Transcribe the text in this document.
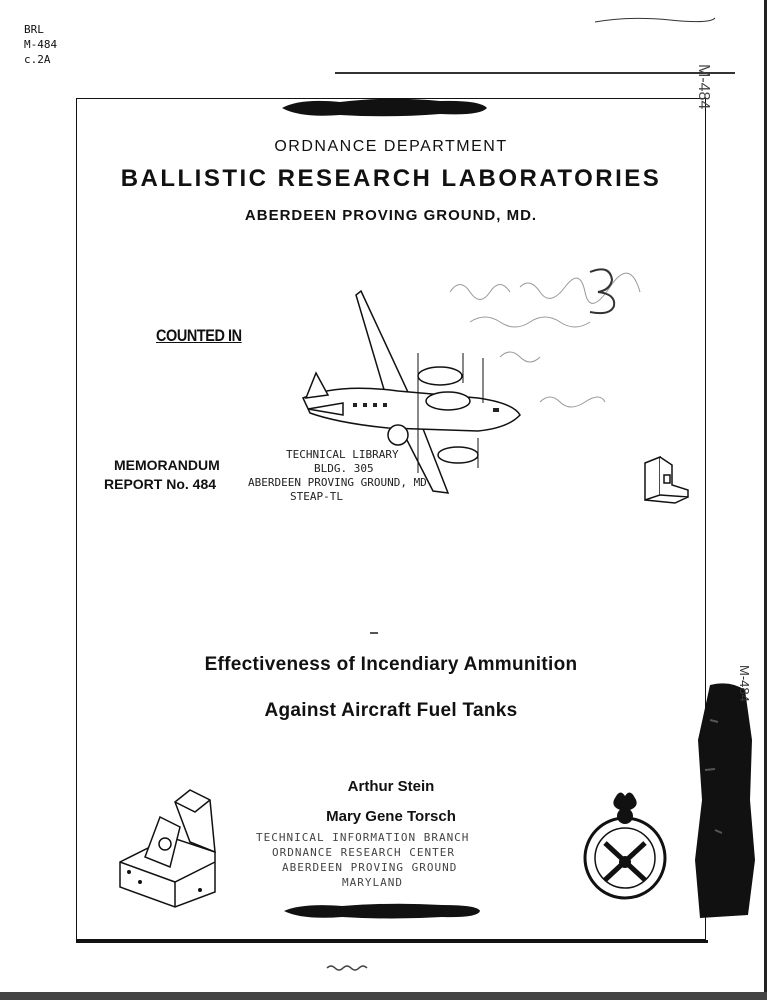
BRL
M-484
c.2A
ORDNANCE DEPARTMENT
BALLISTIC RESEARCH LABORATORIES
ABERDEEN PROVING GROUND, MD.
M-484
COUNTED IN
MEMORANDUM
REPORT No. 484
TECHNICAL LIBRARY
BLDG. 305
ABERDEEN PROVING GROUND, MD.
STEAP-TL
Effectiveness of Incendiary Ammunition
Against Aircraft Fuel Tanks
Arthur Stein
Mary Gene Torsch
TECHNICAL INFORMATION BRANCH
ORDNANCE RESEARCH CENTER
ABERDEEN PROVING GROUND
MARYLAND
M-484
